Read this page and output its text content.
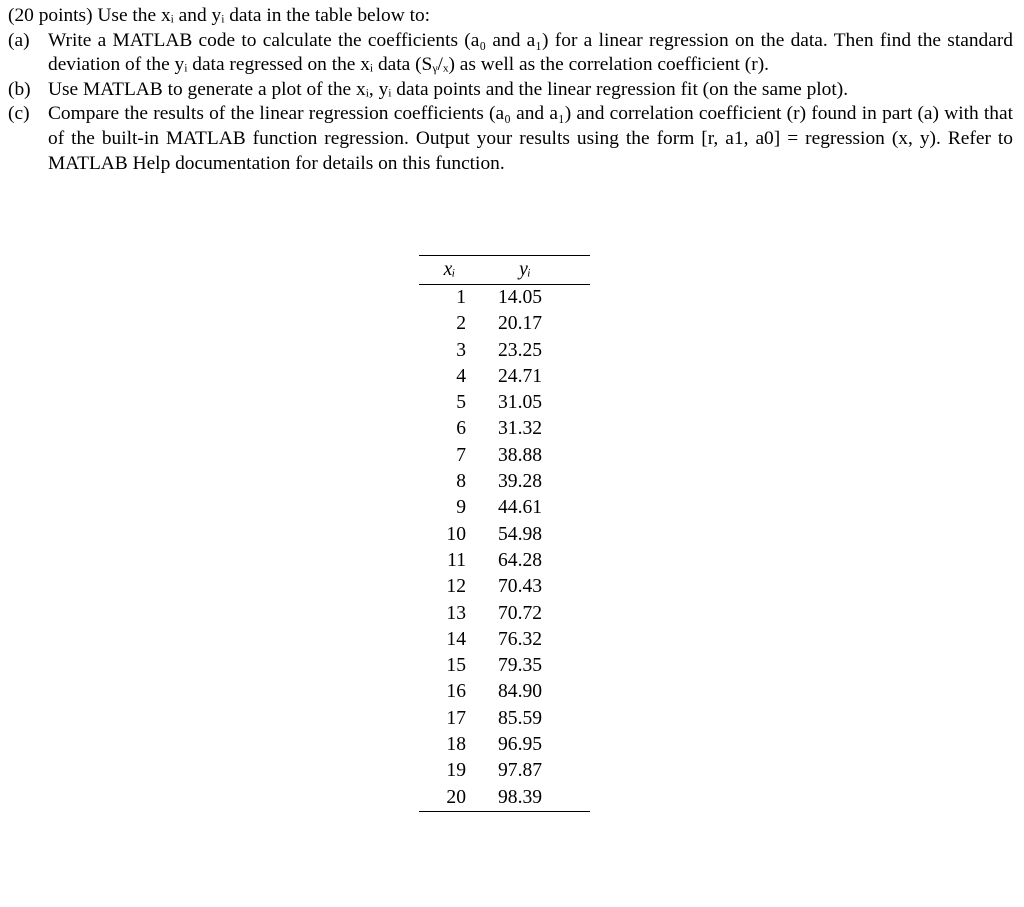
(20 points) Use the xᵢ and yᵢ data in the table below to:

(a) Write a MATLAB code to calculate the coefficients (a₀ and a₁) for a linear regression on the data. Then find the standard deviation of the yᵢ data regressed on the xᵢ data (Sᵧ/ₓ) as well as the correlation coefficient (r).
(b) Use MATLAB to generate a plot of the xᵢ, yᵢ data points and the linear regression fit (on the same plot).
(c) Compare the results of the linear regression coefficients (a₀ and a₁) and correlation coefficient (r) found in part (a) with that of the built-in MATLAB function regression. Output your results using the form [r, a1, a0] = regression (x, y). Refer to MATLAB Help documentation for details on this function.
xᵢ	yᵢ
1	14.05
2	20.17
3	23.25
4	24.71
5	31.05
6	31.32
7	38.88
8	39.28
9	44.61
10	54.98
11	64.28
12	70.43
13	70.72
14	76.32
15	79.35
16	84.90
17	85.59
18	96.95
19	97.87
20	98.39
